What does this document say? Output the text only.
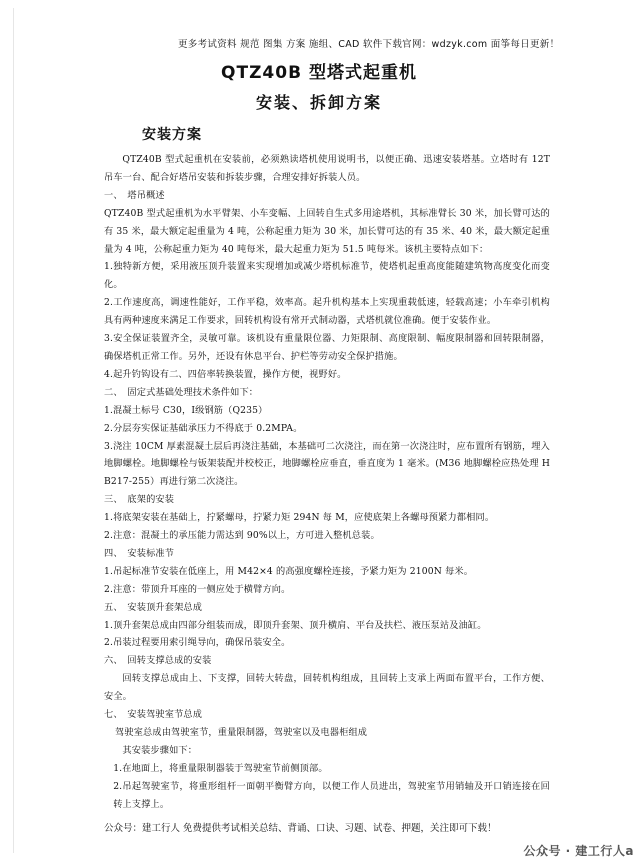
更多考试资料 规范 图集 方案 施组、CAD 软件下载官网：wdzyk.com 面筝每日更新！
QTZ40B 型塔式起重机
安装、拆卸方案
安装方案

QTZ40B 型式起重机在安装前，必须熟读塔机使用说明书，以便正确、迅速安装塔基。立塔时有 12T 吊车一台、配合好塔吊安装和拆装步骤，合理安排好拆装人员。

一、　塔吊概述

QTZ40B 型式起重机为水平臂架、小车变幅、上回转自生式多用途塔机，其标准臂长 30 米，加长臂可达的有 35 米，最大额定起重量为 4 吨，公称起重力矩为 30 米，加长臂可达的有 35 米、40 米，最大额定起重量为 4 吨，公称起重力矩为 40 吨每米，最大起重力矩为 51.5 吨每米。该机主要特点如下：

1.独特新方便，采用液压顶升装置来实现增加或减少塔机标准节，使塔机起重高度能随建筑物高度变化而变化。

2.工作速度高，调速性能好，工作平稳，效率高。起升机构基本上实现重载低速，轻载高速；小车牵引机构具有两种速度来满足工作要求，回转机构设有常开式制动器，式塔机就位准确。便于安装作业。

3.安全保证装置齐全，灵敏可靠。该机设有重量限位器、力矩限制、高度限制、幅度限制器和回转限制器，确保塔机正常工作。另外，还设有休息平台、护栏等劳动安全保护措施。

4.起升钓钩设有二、四倍率转换装置，操作方便，视野好。

二、　固定式基础处理技术条件如下：

1.混凝土标号 C30，Ⅰ级钢筋（Q235）

2.分层夯实保证基础承压力不得底于 0.2MPA。

3.浇注 10CM 厚素混凝土层后再浇注基础，本基础可二次浇注，而在第一次浇注时，应布置所有钢筋，埋入地脚螺栓。地脚螺栓与钣架装配并校校正，地脚螺栓应垂直，垂直度为 1 毫米。(M36 地脚螺栓应热处理 HB217-255）再进行第二次浇注。

三、　底架的安装

1.将底架安装在基础上，拧紧螺母，拧紧力矩 294N 每 M，应使底架上各螺母预紧力都相同。

2.注意：混凝土的承压能力需达到 90%以上，方可进入整机总装。

四、　安装标准节

1.吊起标准节安装在低座上，用 M42×4 的高强度螺栓连接，予紧力矩为 2100N 每米。

2.注意：带顶升耳座的一侧应处于横臂方向。

五、　安装顶升套架总成

1.顶升套架总成由四部分组装而成，即顶升套架、顶升横肩、平台及扶栏、液压泵站及油缸。

2.吊装过程要用索引绳导向，确保吊装安全。

六、　回转支撑总成的安装

回转支撑总成由上、下支撑，回转大转盘，回转机构组成，且回转上支承上两面布置平台，工作方便、安全。

七、　安装驾驶室节总成

驾驶室总成由驾驶室节，重量限制器，驾驶室以及电器柜组成

其安装步骤如下：

1.在地面上，将重量限制器装于驾驶室节前侧顶部。

2.吊起驾驶室节，将重形组杆一面朝平衡臂方向，以便工作人员进出，驾驶室节用销轴及开口销连接在回转上支撑上。

公众号：建工行人 免费提供考试相关总结、背诵、口诀、习题、试卷、押题，关注即可下载！
公众号 · 建工行人a
